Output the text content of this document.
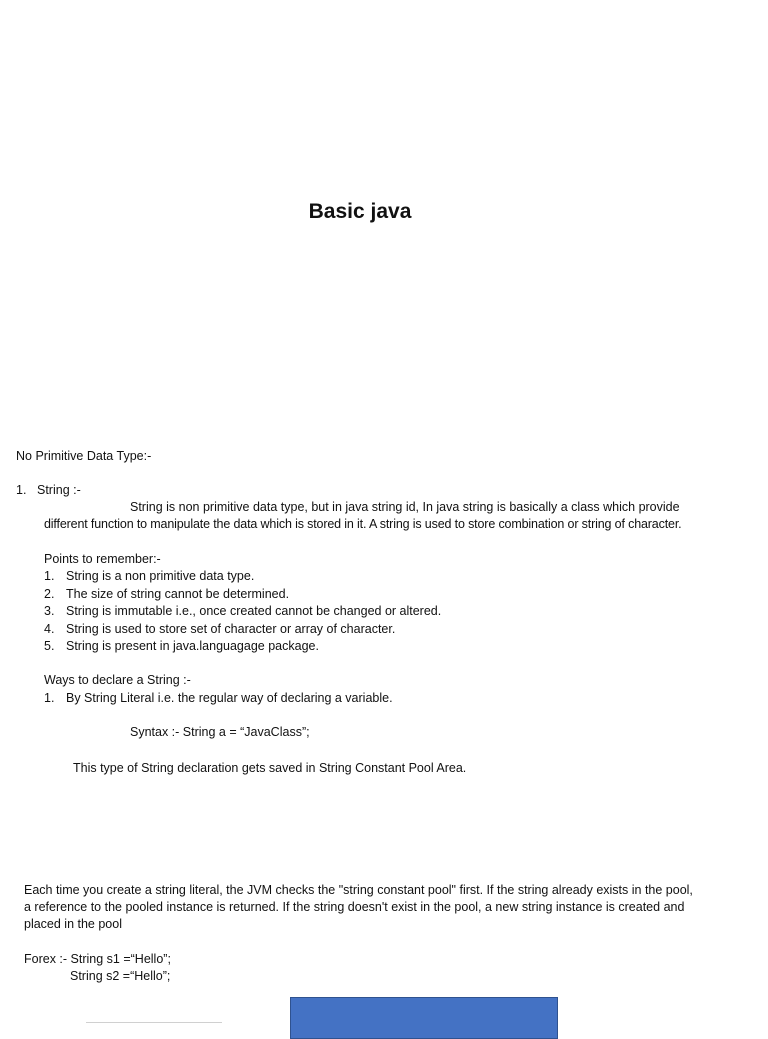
Basic java
No Primitive Data Type:-
1. String :-
String is non primitive data type, but in java string id, In java string is basically a class which provide
different function to manipulate the data which is stored in it. A string is used to store combination or string of character.
Points to remember:-
1. String is a non primitive data type.
2. The size of string cannot be determined.
3. String is immutable i.e., once created cannot be changed or altered.
4. String is used to store set of character or array of character.
5. String is present in java.languagage package.
Ways to declare a String :-
1. By String Literal i.e. the regular way of declaring a variable.
Syntax :- String a = “JavaClass”;
This type of String declaration gets saved in String Constant Pool Area.
Each time you create a string literal, the JVM checks the "string constant pool" first. If the string already exists in the pool,
a reference to the pooled instance is returned. If the string doesn't exist in the pool, a new string instance is created and
placed in the pool
Forex :- String s1 =“Hello”;
String s2 =“Hello”;
